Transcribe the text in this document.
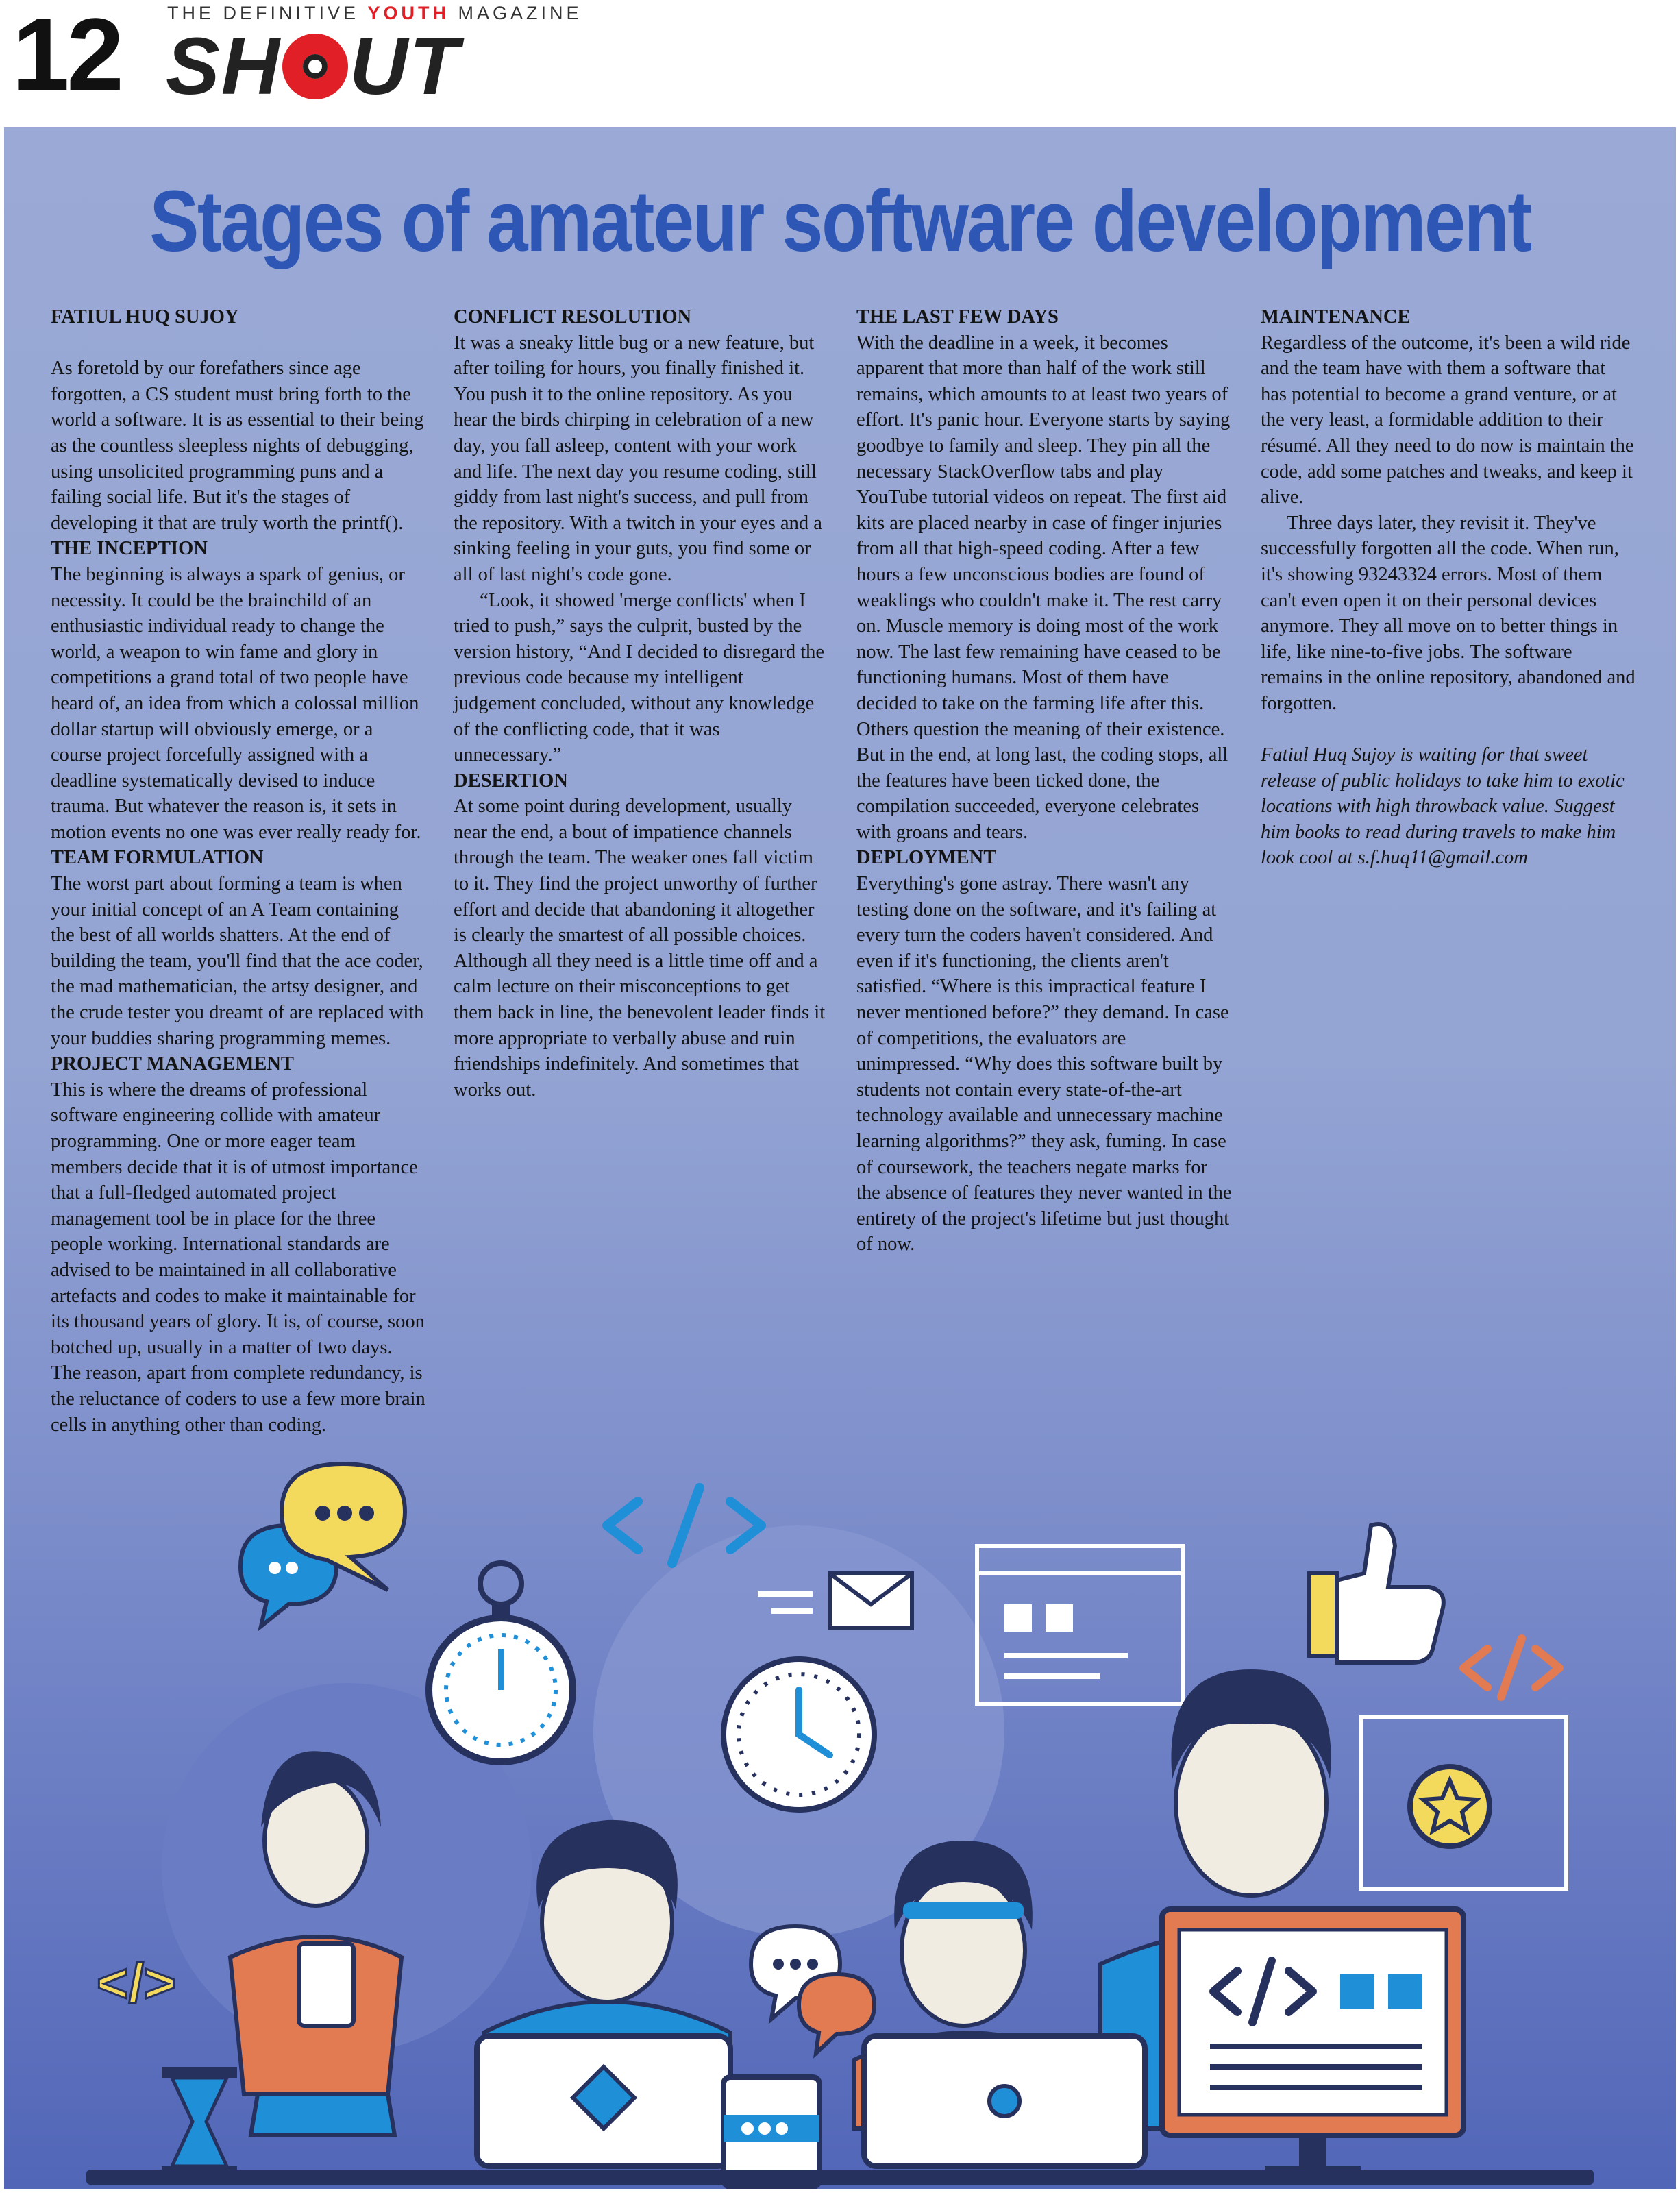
12 THE DEFINITIVE YOUTH MAGAZINE
SH UT
Stages of amateur software development

FATIUL HUQ SUJOY

As foretold by our forefathers since age forgotten, a CS student must bring forth to the world a software. It is as essential to their being as the countless sleepless nights of debugging, using unsolicited programming puns and a failing social life. But it's the stages of developing it that are truly worth the printf().

THE INCEPTION

The beginning is always a spark of genius, or necessity. It could be the brainchild of an enthusiastic individual ready to change the world, a weapon to win fame and glory in competitions a grand total of two people have heard of, an idea from which a colossal million dollar startup will obviously emerge, or a course project forcefully assigned with a deadline systematically devised to induce trauma. But whatever the reason is, it sets in motion events no one was ever really ready for.

TEAM FORMULATION

The worst part about forming a team is when your initial concept of an A Team containing the best of all worlds shatters. At the end of building the team, you'll find that the ace coder, the mad mathematician, the artsy designer, and the crude tester you dreamt of are replaced with your buddies sharing programming memes.

PROJECT MANAGEMENT

This is where the dreams of professional software engineering collide with amateur programming. One or more eager team members decide that it is of utmost importance that a full-fledged automated project management tool be in place for the three people working. International standards are advised to be maintained in all collaborative artefacts and codes to make it maintainable for its thousand years of glory. It is, of course, soon botched up, usually in a matter of two days. The reason, apart from complete redundancy, is the reluctance of coders to use a few more brain cells in anything other than coding.

CONFLICT RESOLUTION

It was a sneaky little bug or a new feature, but after toiling for hours, you finally finished it. You push it to the online repository. As you hear the birds chirping in celebration of a new day, you fall asleep, content with your work and life. The next day you resume coding, still giddy from last night's success, and pull from the repository. With a twitch in your eyes and a sinking feeling in your guts, you find some or all of last night's code gone.

“Look, it showed 'merge conflicts' when I tried to push,” says the culprit, busted by the version history, “And I decided to disregard the previous code because my intelligent judgement concluded, without any knowledge of the conflicting code, that it was unnecessary.”

DESERTION

At some point during development, usually near the end, a bout of impatience channels through the team. The weaker ones fall victim to it. They find the project unworthy of further effort and decide that abandoning it altogether is clearly the smartest of all possible choices. Although all they need is a little time off and a calm lecture on their misconceptions to get them back in line, the benevolent leader finds it more appropriate to verbally abuse and ruin friendships indefinitely. And sometimes that works out.

THE LAST FEW DAYS

With the deadline in a week, it becomes apparent that more than half of the work still remains, which amounts to at least two years of effort. It's panic hour. Everyone starts by saying goodbye to family and sleep. They pin all the necessary StackOverflow tabs and play YouTube tutorial videos on repeat. The first aid kits are placed nearby in case of finger injuries from all that high-speed coding. After a few hours a few unconscious bodies are found of weaklings who couldn't make it. The rest carry on. Muscle memory is doing most of the work now. The last few remaining have ceased to be functioning humans. Most of them have decided to take on the farming life after this. Others question the meaning of their existence. But in the end, at long last, the coding stops, all the features have been ticked done, the compilation succeeded, everyone celebrates with groans and tears.

DEPLOYMENT

Everything's gone astray. There wasn't any testing done on the software, and it's failing at every turn the coders haven't considered. And even if it's functioning, the clients aren't satisfied. “Where is this impractical feature I never mentioned before?” they demand. In case of competitions, the evaluators are unimpressed. “Why does this software built by students not contain every state-of-the-art technology available and unnecessary machine learning algorithms?” they ask, fuming. In case of coursework, the teachers negate marks for the absence of features they never wanted in the entirety of the project's lifetime but just thought of now.

MAINTENANCE

Regardless of the outcome, it's been a wild ride and the team have with them a software that has potential to become a grand venture, or at the very least, a formidable addition to their résumé. All they need to do now is maintain the code, add some patches and tweaks, and keep it alive.

Three days later, they revisit it. They've successfully forgotten all the code. When run, it's showing 93243324 errors. Most of them can't even open it on their personal devices anymore. They all move on to better things in life, like nine-to-five jobs. The software remains in the online repository, abandoned and forgotten.

Fatiul Huq Sujoy is waiting for that sweet release of public holidays to take him to exotic locations with high throwback value. Suggest him books to read during travels to make him look cool at s.f.huq11@gmail.com

</>
